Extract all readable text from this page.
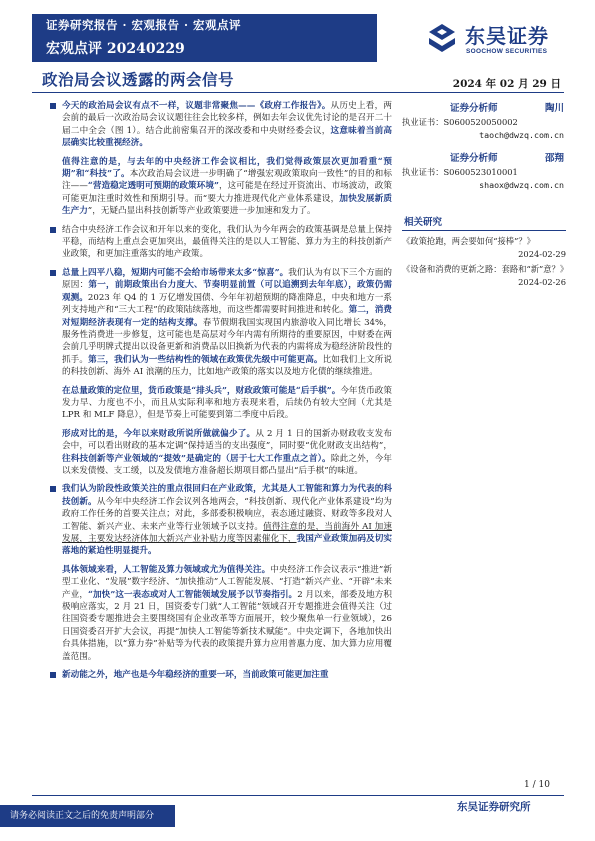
证券研究报告 · 宏观报告 · 宏观点评
宏观点评 20240229
东吴证券
SOOCHOW SECURITIES
政治局会议透露的两会信号	2024 年 02 月 29 日
今天的政治局会议有点不一样，议题非常聚焦——《政府工作报告》。从历史上看，两会前的最后一次政治局会议议题往往会比较多样，例如去年会议优先讨论的是召开二十届二中全会（图 1）。结合此前密集召开的深改委和中央财经委会议，这意味着当前高层确实比较重视经济。
值得注意的是，与去年的中央经济工作会议相比，我们觉得政策层次更加看重“预期”和“科技”了。本次政治局会议进一步明确了“增强宏观政策取向一致性”的目的和标注——“营造稳定透明可预期的政策环境”，这可能是在经过开资流出、市场波动，政策可能更加注重时效性和预期引导。而“要大力推进现代化产业体系建设，加快发展新质生产力”，无疑凸显出科技创新等产业政策要进一步加速和发力了。
结合中央经济工作会议和开年以来的变化，我们认为今年两会的政策基调是总量上保持平稳，而结构上重点会更加突出，最值得关注的是以人工智能、算力为主的科技创新产业政策，和更加注重落实的地产政策。
总量上四平八稳，短期内可能不会给市场带来太多“惊喜”。我们认为有以下三个方面的原因：第一，前期政策出台力度大、节奏明显前置（可以追溯到去年年底），政策仍需观测。2023 年 Q4 的 1 万亿增发国债、今年年初超预期的降准降息，中央和地方一系列支持地产和“三大工程”的政策陆续落地，而这些都需要时间推进和转化。第二，消费对短期经济表现有一定的结构支撑。春节假期我国实现国内旅游收入同比增长 34%，服务性消费进一步修复，这可能也是高层对今年内需有所期待的重要原因，中财委在两会前几乎明牌式提出以设备更新和消费品以旧换新为代表的内需将成为稳经济阶段性的抓手。第三，我们认为一些结构性的领域在政策优先级中可能更高。比如我们上文所说的科技创新、海外 AI 浪潮的压力，比如地产政策的落实以及地方化债的继续推进。
在总量政策的定位里，货币政策是“排头兵”，财政政策可能是“后手棋”。今年货币政策发力早、力度也不小，而且从实际利率和地方表现来看，后续仍有较大空间（尤其是 LPR 和 MLF 降息），但是节奏上可能要到第二季度中后段。
形成对比的是，今年以来财政所说所做就偏少了。从 2 月 1 日的国新办财政收支发布会中，可以看出财政的基本定调“保持适当的支出强度”，同时要“优化财政支出结构”，往科技创新等产业领域的“提效”是确定的（居于七大工作重点之首）。除此之外，今年以来发债慢、支工缓，以及发债地方准备超长期项目都凸显出“后手棋”的味道。
我们认为阶段性政策关注的重点很回归在产业政策，尤其是人工智能和算力为代表的科技创新。从今年中央经济工作会议列各地两会，“科技创新、现代化产业体系建设”均为政府工作任务的首要关注点；对此，多部委积极响应，表态通过融资、财政等多段对人工智能、新兴产业、未来产业等行业领域予以支持。值得注意的是，当前海外 AI 加速发展，主要发达经济体加大新兴产业补贴力度等因素催化下，我国产业政策加码及切实落地的紧迫性明显提升。
具体领域来看，人工智能及算力领域或尤为值得关注。中央经济工作会议表示“推进”新型工业化、“发展”数字经济、“加快推动”人工智能发展、“打造”新兴产业、“开辟”未来产业，“加快”这一表态或对人工智能领域发展予以节奏指引。2 月以来，部委及地方积极响应落实，2 月 21 日，国资委专门就“人工智能”领域召开专题推进会值得关注（过往国资委专题推进会主要围绕国有企业改革等方面展开，较少聚焦单一行业领域），26 日国资委召开扩大会议，再提“加快人工智能等新技术赋能”。中央定调下，各地加快出台具体措施，以“算力券”补贴等为代表的政策提升算力应用普惠力度、加大算力应用覆盖范围。
新动能之外，地产也是今年稳经济的重要一环，当前政策可能更加注重
证券分析师	陶川
执业证书：S0600520050002
taoch@dwzq.com.cn
证券分析师	邵翔
执业证书：S0600523010001
shaox@dwzq.com.cn
相关研究
《政策抢跑，两会要如何“接棒”？》
2024-02-29
《设备和消费的更新之路：套路和“新”意？》
2024-02-26
1 / 10
东吴证券研究所
请务必阅读正文之后的免责声明部分
